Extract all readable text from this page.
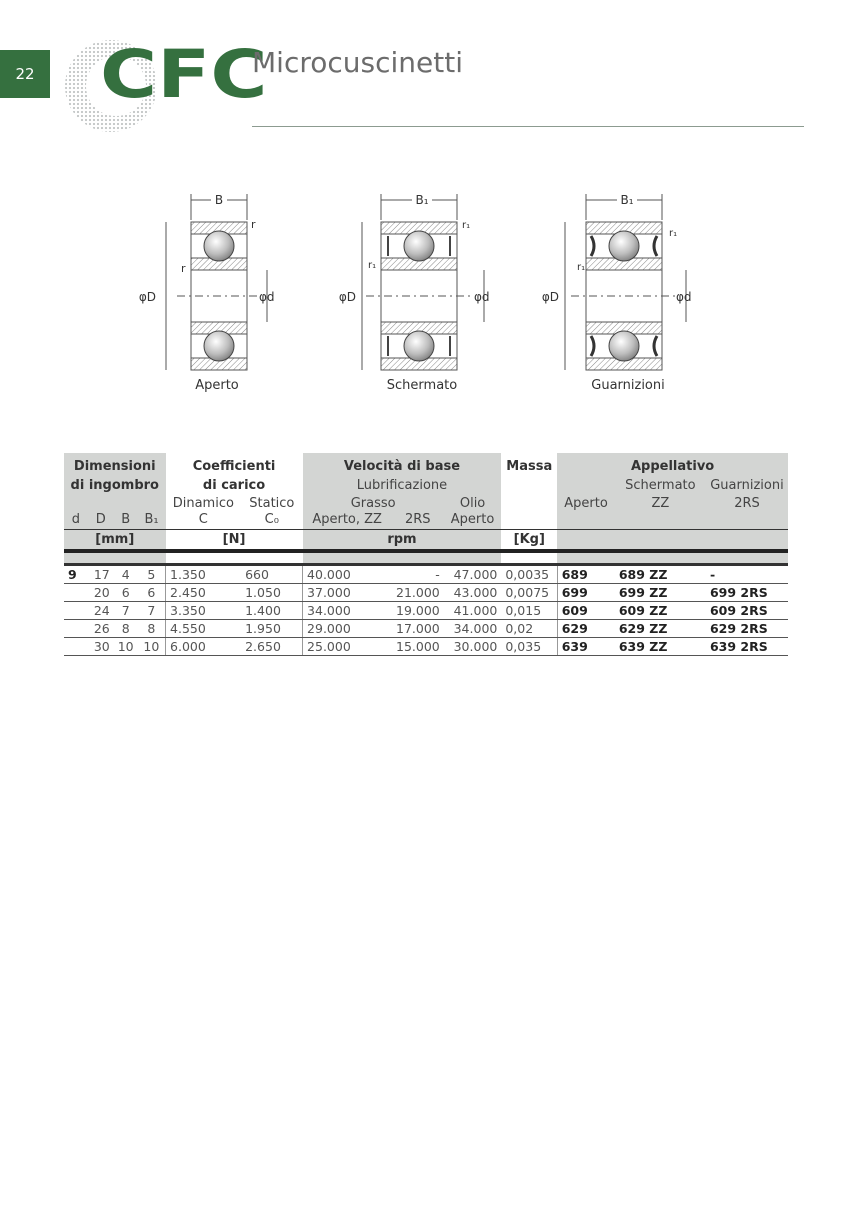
22 CFC
Microcuscinetti
B
r
r
φD	φd
B₁
r₁
r₁
φD	φd
B₁
r₁
r₁
φD	φd
Aperto	Schermato	Guarnizioni
Dimensioni				Coefficienti		Velocità di base			Massa	Appellativo		
di ingombro				di carico		Lubrificazione					Schermato	Guarnizioni
				Dinamico	Statico	Grasso		Olio		Aperto	ZZ	2RS
d	D	B	B₁	C	C₀	Aperto, ZZ	2RS	Aperto				
[mm]				[N]		rpm			[Kg]			

9	17	4	5	1.350	660	40.000	-	47.000	0,0035	689	689 ZZ	-
	20	6	6	2.450	1.050	37.000	21.000	43.000	0,0075	699	699 ZZ	699 2RS
	24	7	7	3.350	1.400	34.000	19.000	41.000	0,015	609	609 ZZ	609 2RS
	26	8	8	4.550	1.950	29.000	17.000	34.000	0,02	629	629 ZZ	629 2RS
	30	10	10	6.000	2.650	25.000	15.000	30.000	0,035	639	639 ZZ	639 2RS
